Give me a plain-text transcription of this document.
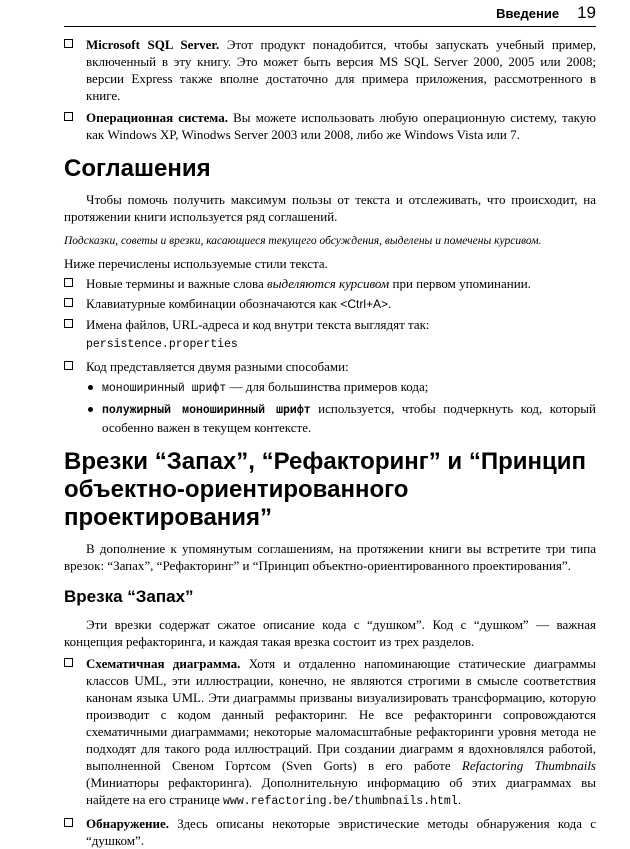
Введение 19
Microsoft SQL Server. Этот продукт понадобится, чтобы запускать учебный пример, включенный в эту книгу. Это может быть версия MS SQL Server 2000, 2005 или 2008; версии Express также вполне достаточно для примера приложения, рассмотренного в книге.
Операционная система. Вы можете использовать любую операционную систему, такую как Windows XP, Winodws Server 2003 или 2008, либо же Windows Vista или 7.
Соглашения

Чтобы помочь получить максимум пользы от текста и отслеживать, что происходит, на протяжении книги используется ряд соглашений.

Подсказки, советы и врезки, касающиеся текущего обсуждения, выделены и помечены курсивом.

Ниже перечислены используемые стили текста.

Новые термины и важные слова выделяются курсивом при первом упоминании.
Клавиатурные комбинации обозначаются как <Ctrl+A>.
Имена файлов, URL-адреса и код внутри текста выглядят так:
persistence.properties
Код представляется двумя разными способами:
моноширинный шрифт — для большинства примеров кода;
полужирный моноширинный шрифт используется, чтобы подчеркнуть код, который особенно важен в текущем контексте.
Врезки “Запах”, “Рефакторинг” и “Принцип
объектно-ориентированного проектирования”

В дополнение к упомянутым соглашениям, на протяжении книги вы встретите три типа врезок: “Запах”, “Рефакторинг” и “Принцип объектно-ориентированного проектирования”.

Врезка “Запах”

Эти врезки содержат сжатое описание кода с “душком”. Код с “душком” — важная концепция рефакторинга, и каждая такая врезка состоит из трех разделов.

Схематичная диаграмма. Хотя и отдаленно напоминающие статические диаграммы классов UML, эти иллюстрации, конечно, не являются строгими в смысле соответствия канонам языка UML. Эти диаграммы призваны визуализировать трансформацию, которую производит с кодом данный рефакторинг. Не все рефакторинги сопровождаются схематичными диаграммами; некоторые маломасштабные рефакторинги уровня метода не подходят для такого рода иллюстраций. При создании диаграмм я вдохновлялся работой, выполненной Свеном Гортсом (Sven Gorts) в его работе Refactoring Thumbnails (Миниатюры рефакторинга). Дополнительную информацию об этих диаграммах вы найдете на его странице www.refactoring.be/thumbnails.html.
Обнаружение. Здесь описаны некоторые эвристические методы обнаружения кода с “душком”.
